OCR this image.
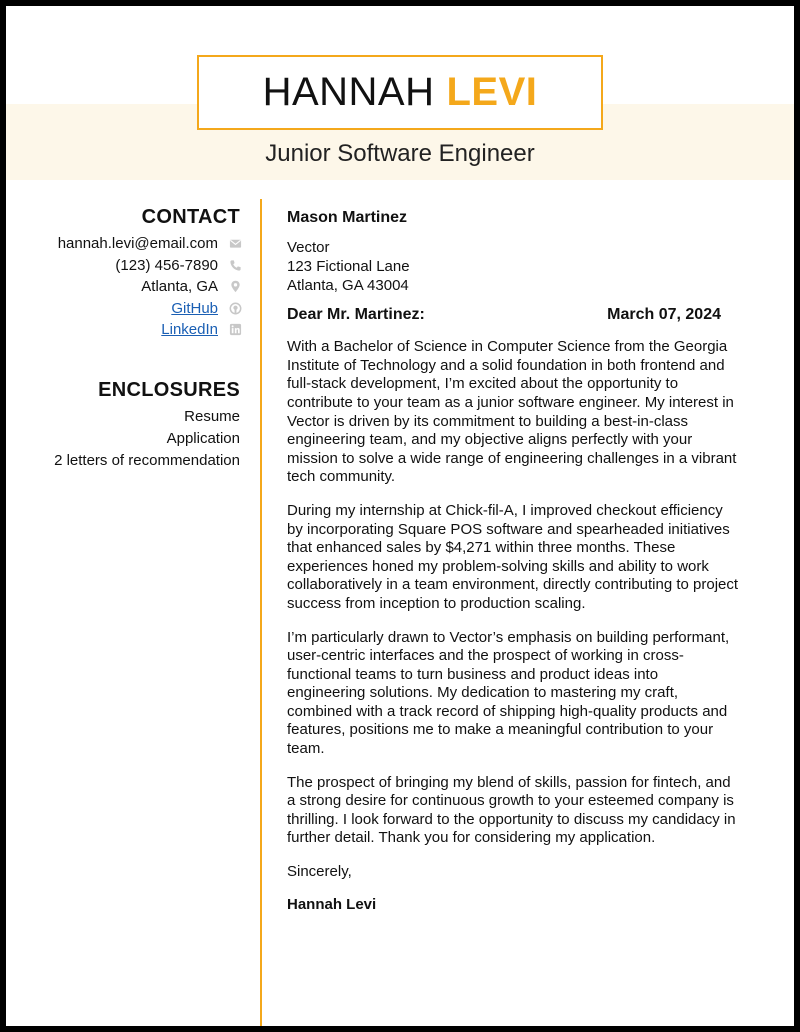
HANNAH LEVI
Junior Software Engineer
CONTACT
hannah.levi@email.com
(123) 456-7890
Atlanta, GA
GitHub
LinkedIn
ENCLOSURES
Resume
Application
2 letters of recommendation
Mason Martinez
Vector
123 Fictional Lane
Atlanta, GA 43004
Dear Mr. Martinez:	March 07, 2024

With a Bachelor of Science in Computer Science from the Georgia Institute of Technology and a solid foundation in both frontend and full-stack development, I’m excited about the opportunity to contribute to your team as a junior software engineer. My interest in Vector is driven by its commitment to building a best-in-class engineering team, and my objective aligns perfectly with your mission to solve a wide range of engineering challenges in a vibrant tech community.

During my internship at Chick-fil-A, I improved checkout efficiency by incorporating Square POS software and spearheaded initiatives that enhanced sales by $4,271 within three months. These experiences honed my problem-solving skills and ability to work collaboratively in a team environment, directly contributing to project success from inception to production scaling.

I’m particularly drawn to Vector’s emphasis on building performant, user-centric interfaces and the prospect of working in cross-functional teams to turn business and product ideas into engineering solutions. My dedication to mastering my craft, combined with a track record of shipping high-quality products and features, positions me to make a meaningful contribution to your team.

The prospect of bringing my blend of skills, passion for fintech, and a strong desire for continuous growth to your esteemed company is thrilling. I look forward to the opportunity to discuss my candidacy in further detail. Thank you for considering my application.

Sincerely,
Hannah Levi
